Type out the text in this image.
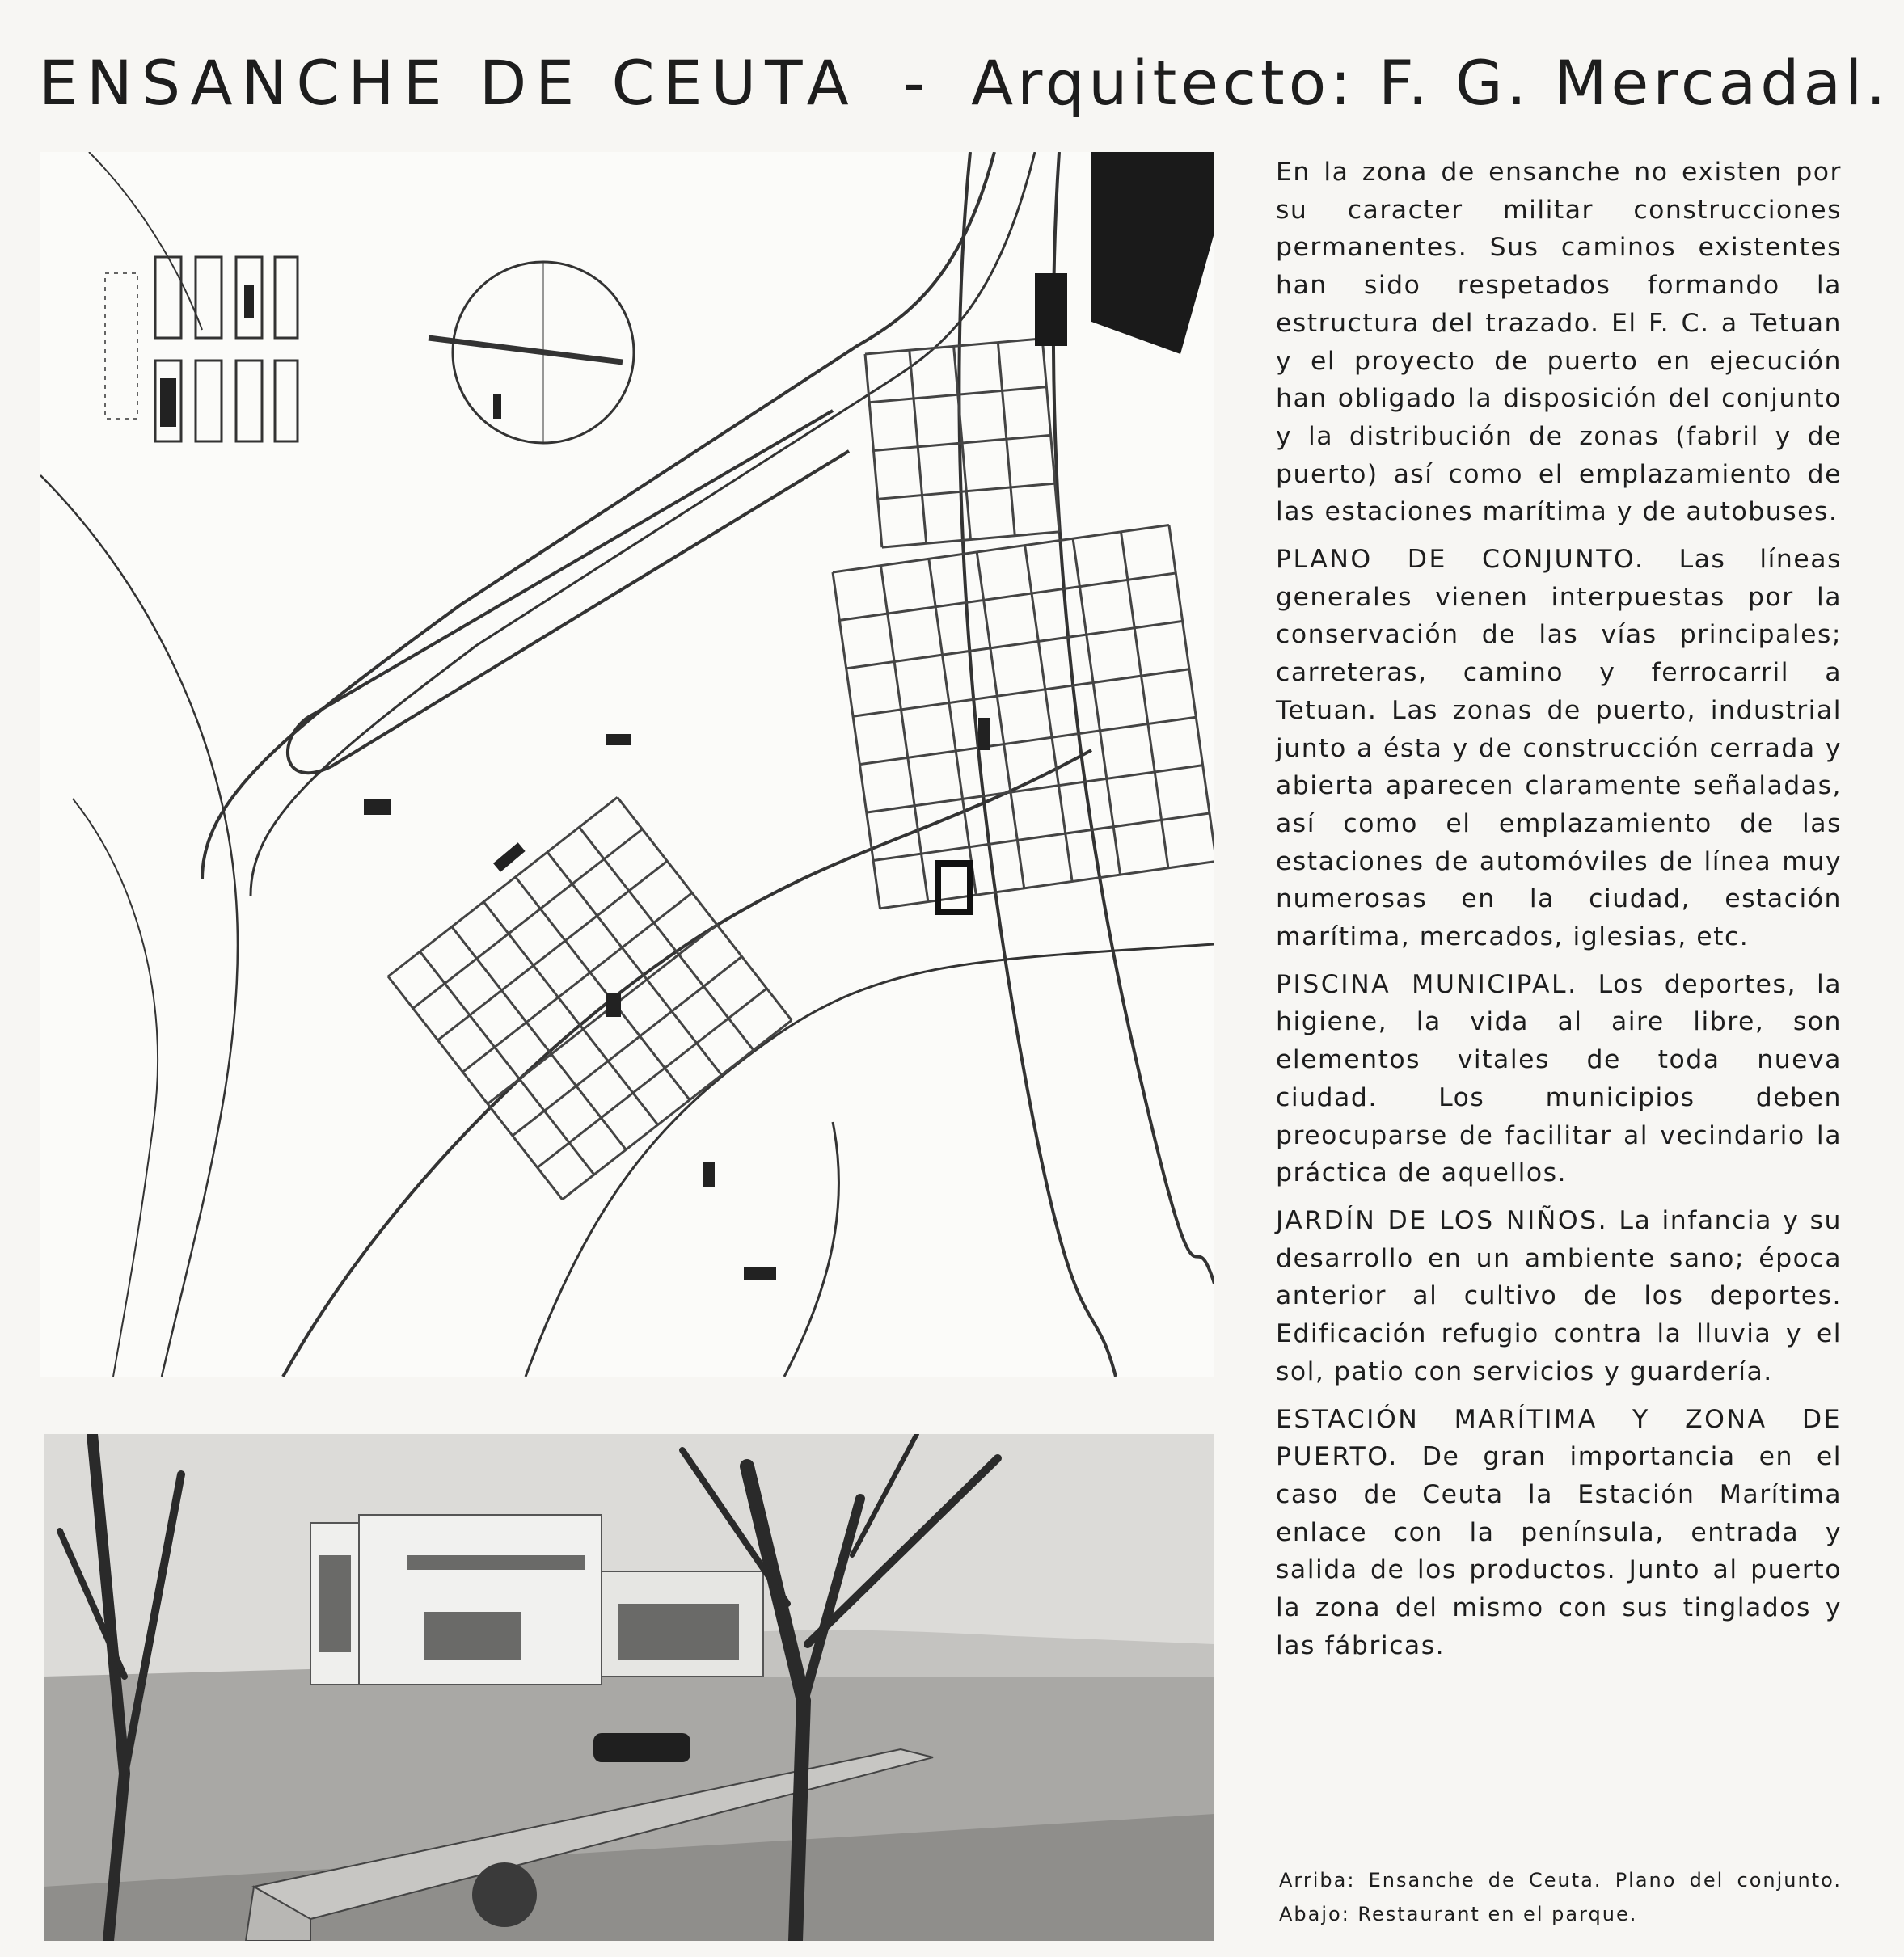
ENSANCHE DE CEUTA - Arquitecto: F. G. Mercadal.

En la zona de ensanche no existen por su caracter militar construcciones permanentes. Sus caminos existentes han sido respetados formando la estructura del trazado. El F. C. a Tetuan y el proyecto de puerto en ejecución han obligado la disposición del conjunto y la distribución de zonas (fabril y de puerto) así como el emplazamiento de las estaciones marítima y de autobuses.

PLANO DE CONJUNTO. Las líneas generales vienen interpuestas por la conservación de las vías principales; carreteras, camino y ferrocarril a Tetuan. Las zonas de puerto, industrial junto a ésta y de construcción cerrada y abierta aparecen claramente señaladas, así como el emplazamiento de las estaciones de automóviles de línea muy numerosas en la ciudad, estación marítima, mercados, iglesias, etc.

PISCINA MUNICIPAL. Los deportes, la higiene, la vida al aire libre, son elementos vitales de toda nueva ciudad. Los municipios deben preocuparse de facilitar al vecindario la práctica de aquellos.

JARDÍN DE LOS NIÑOS. La infancia y su desarrollo en un ambiente sano; época anterior al cultivo de los deportes. Edificación refugio contra la lluvia y el sol, patio con servicios y guardería.

ESTACIÓN MARÍTIMA Y ZONA DE PUERTO. De gran importancia en el caso de Ceuta la Estación Marítima enlace con la península, entrada y salida de los productos. Junto al puerto la zona del mismo con sus tinglados y las fábricas.

Arriba: Ensanche de Ceuta. Plano del conjunto. Abajo: Restaurant en el parque.
